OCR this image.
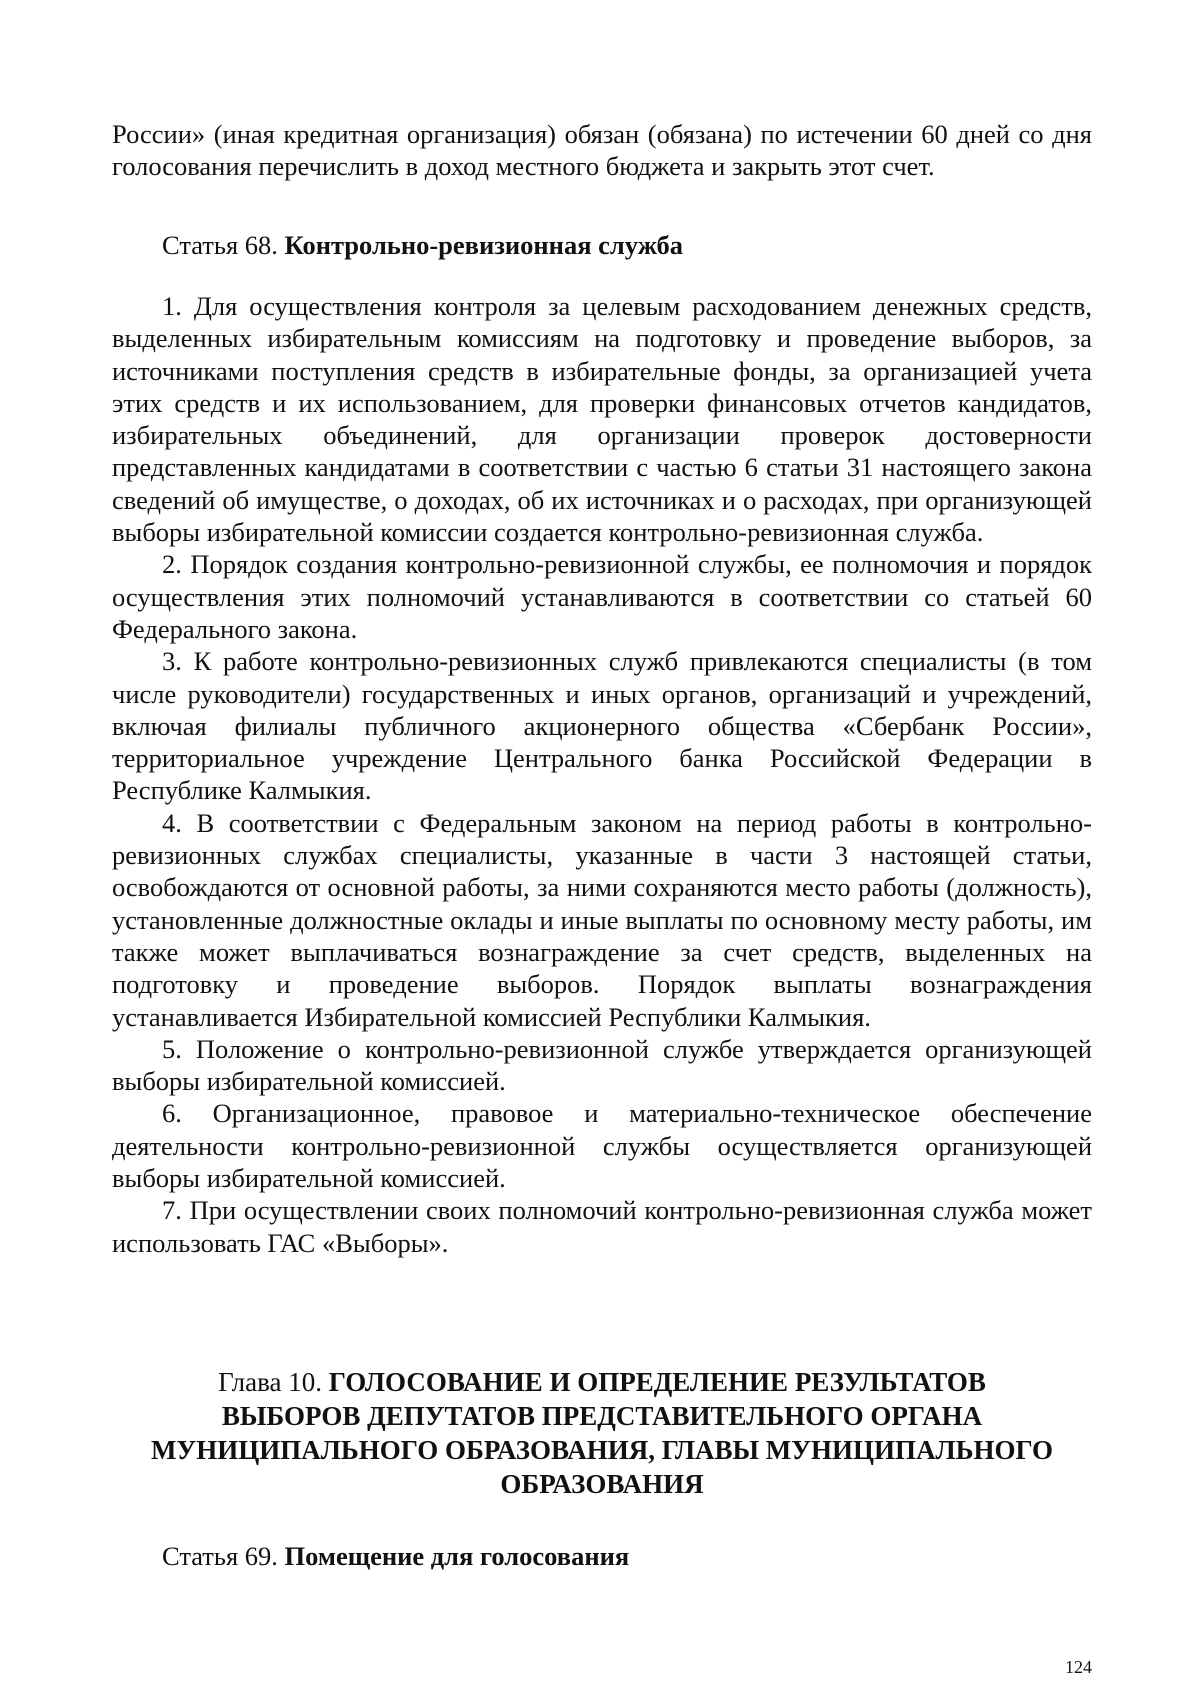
России» (иная кредитная организация) обязан (обязана) по истечении 60 дней со дня голосования перечислить в доход местного бюджета и закрыть этот счет.

Статья 68. Контрольно-ревизионная служба

1. Для осуществления контроля за целевым расходованием денежных средств, выделенных избирательным комиссиям на подготовку и проведение выборов, за источниками поступления средств в избирательные фонды, за организацией учета этих средств и их использованием, для проверки финансовых отчетов кандидатов, избирательных объединений, для организации проверок достоверности представленных кандидатами в соответствии с частью 6 статьи 31 настоящего закона сведений об имуществе, о доходах, об их источниках и о расходах, при организующей выборы избирательной комиссии создается контрольно-ревизионная служба.

2. Порядок создания контрольно-ревизионной службы, ее полномочия и порядок осуществления этих полномочий устанавливаются в соответствии со статьей 60 Федерального закона.

3. К работе контрольно-ревизионных служб привлекаются специалисты (в том числе руководители) государственных и иных органов, организаций и учреждений, включая филиалы публичного акционерного общества «Сбербанк России», территориальное учреждение Центрального банка Российской Федерации в Республике Калмыкия.

4. В соответствии с Федеральным законом на период работы в контрольно-ревизионных службах специалисты, указанные в части 3 настоящей статьи, освобождаются от основной работы, за ними сохраняются место работы (должность), установленные должностные оклады и иные выплаты по основному месту работы, им также может выплачиваться вознаграждение за счет средств, выделенных на подготовку и проведение выборов. Порядок выплаты вознаграждения устанавливается Избирательной комиссией Республики Калмыкия.

5. Положение о контрольно-ревизионной службе утверждается организующей выборы избирательной комиссией.

6. Организационное, правовое и материально-техническое обеспечение деятельности контрольно-ревизионной службы осуществляется организующей выборы избирательной комиссией.

7. При осуществлении своих полномочий контрольно-ревизионная служба может использовать ГАС «Выборы».

Глава 10. ГОЛОСОВАНИЕ И ОПРЕДЕЛЕНИЕ РЕЗУЛЬТАТОВ
ВЫБОРОВ ДЕПУТАТОВ ПРЕДСТАВИТЕЛЬНОГО ОРГАНА
МУНИЦИПАЛЬНОГО ОБРАЗОВАНИЯ, ГЛАВЫ МУНИЦИПАЛЬНОГО
ОБРАЗОВАНИЯ
Статья 69. Помещение для голосования
124
